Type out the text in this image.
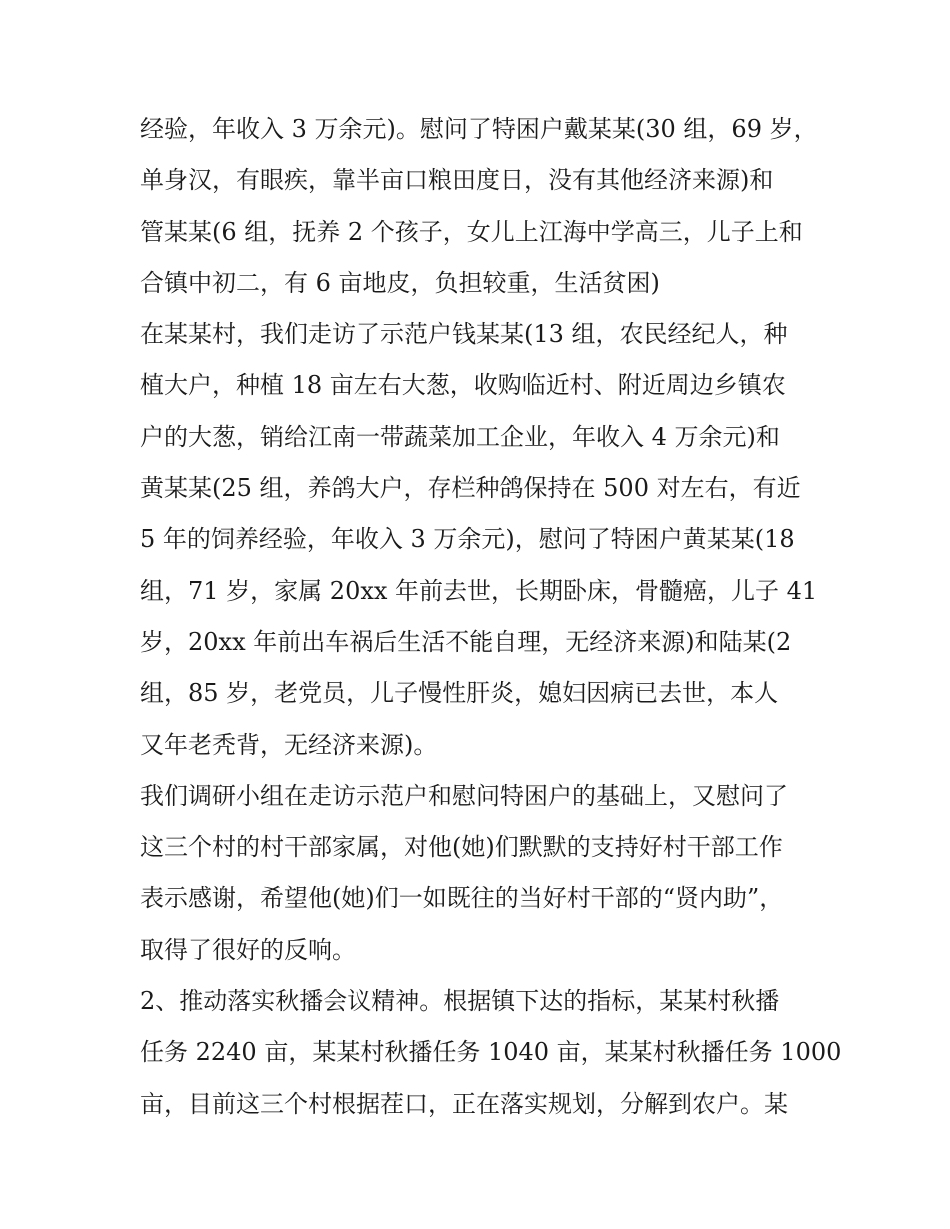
经验，年收入 3 万余元)。慰问了特困户戴某某(30 组，69 岁，
单身汉，有眼疾，靠半亩口粮田度日，没有其他经济来源)和
管某某(6 组，抚养 2 个孩子，女儿上江海中学高三，儿子上和
合镇中初二，有 6 亩地皮，负担较重，生活贫困)
在某某村，我们走访了示范户钱某某(13 组，农民经纪人，种
植大户，种植 18 亩左右大葱，收购临近村、附近周边乡镇农
户的大葱，销给江南一带蔬菜加工企业，年收入 4 万余元)和
黄某某(25 组，养鸽大户，存栏种鸽保持在 500 对左右，有近
5 年的饲养经验，年收入 3 万余元)，慰问了特困户黄某某(18
组，71 岁，家属 20xx 年前去世，长期卧床，骨髓癌，儿子 41
岁，20xx 年前出车祸后生活不能自理，无经济来源)和陆某(2
组，85 岁，老党员，儿子慢性肝炎，媳妇因病已去世，本人
又年老秃背，无经济来源)。
我们调研小组在走访示范户和慰问特困户的基础上，又慰问了
这三个村的村干部家属，对他(她)们默默的支持好村干部工作
表示感谢，希望他(她)们一如既往的当好村干部的“贤内助”，
取得了很好的反响。
2、推动落实秋播会议精神。根据镇下达的指标，某某村秋播
任务 2240 亩，某某村秋播任务 1040 亩，某某村秋播任务 1000
亩，目前这三个村根据茬口，正在落实规划，分解到农户。某
